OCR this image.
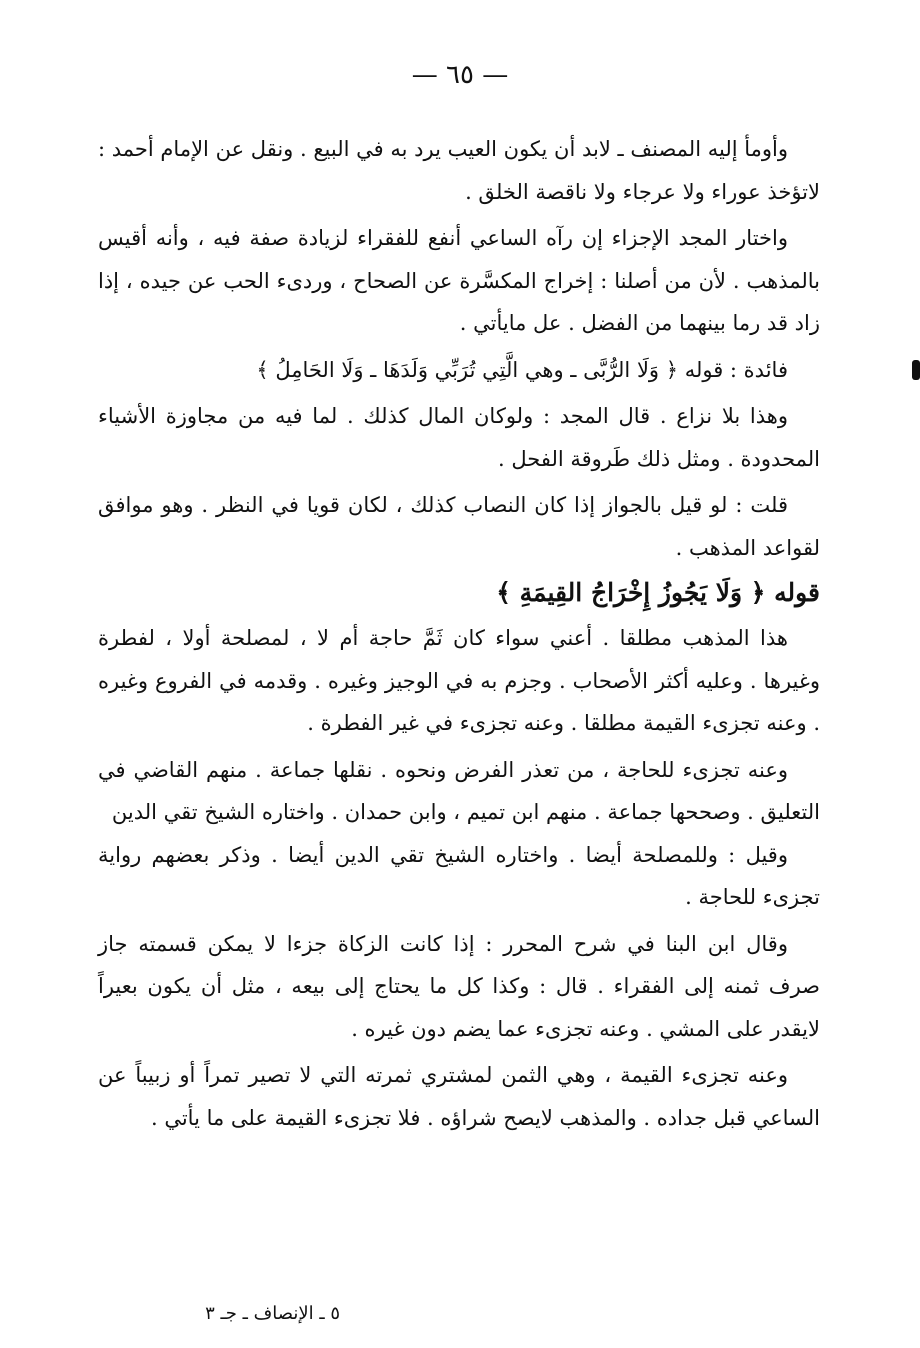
— ٦٥ —

وأومأ إليه المصنف ـ لابد أن يكون العيب يرد به في البيع . ونقل عن الإمام أحمد : لاتؤخذ عوراء ولا عرجاء ولا ناقصة الخلق .

واختار المجد الإجزاء إن رآه الساعي أنفع للفقراء لزيادة صفة فيه ، وأنه أقيس بالمذهب . لأن من أصلنا : إخراج المكسَّرة عن الصحاح ، وردىء الحب عن جيده ، إذا زاد قد رما بينهما من الفضل . عل مايأتي .

فائدة : قوله ﴿ وَلَا الرُّبَّى ـ وهي الَّتِي تُرَبِّي وَلَدَهَا ـ وَلَا الحَامِلُ ﴾

وهذا بلا نزاع . قال المجد : ولوكان المال كذلك . لما فيه من مجاوزة الأشياء المحدودة . ومثل ذلك طَروقة الفحل .

قلت : لو قيل بالجواز إذا كان النصاب كذلك ، لكان قويا في النظر . وهو موافق لقواعد المذهب .

قوله ﴿ وَلَا يَجُوزُ إِخْرَاجُ القِيمَةِ ﴾

هذا المذهب مطلقا . أعني سواء كان ثَمَّ حاجة أم لا ، لمصلحة أولا ، لفطرة وغيرها . وعليه أكثر الأصحاب . وجزم به في الوجيز وغيره . وقدمه في الفروع وغيره . وعنه تجزىء القيمة مطلقا . وعنه تجزىء في غير الفطرة .

وعنه تجزىء للحاجة ، من تعذر الفرض ونحوه . نقلها جماعة . منهم القاضي في التعليق . وصححها جماعة . منهم ابن تميم ، وابن حمدان . واختاره الشيخ تقي الدين

وقيل : وللمصلحة أيضا . واختاره الشيخ تقي الدين أيضا . وذكر بعضهم رواية تجزىء للحاجة .

وقال ابن البنا في شرح المحرر : إذا كانت الزكاة جزءا لا يمكن قسمته جاز صرف ثمنه إلى الفقراء . قال : وكذا كل ما يحتاج إلى بيعه ، مثل أن يكون بعيراً لايقدر على المشي . وعنه تجزىء عما يضم دون غيره .

وعنه تجزىء القيمة ، وهي الثمن لمشتري ثمرته التي لا تصير تمراً أو زبيباً عن الساعي قبل جداده . والمذهب لايصح شراؤه . فلا تجزىء القيمة على ما يأتي .

٥ ـ الإنصاف ـ جـ ٣
